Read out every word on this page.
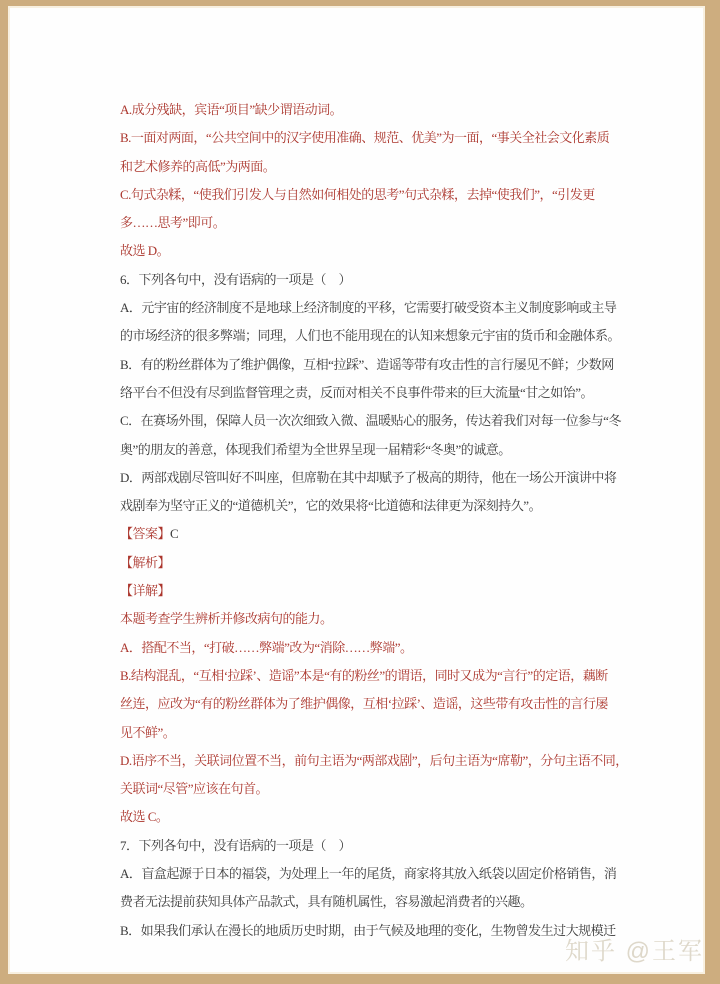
A.成分残缺，宾语“项目”缺少谓语动词。
B.一面对两面，“公共空间中的汉字使用准确、规范、优美”为一面，“事关全社会文化素质
和艺术修养的高低”为两面。
C.句式杂糅，“使我们引发人与自然如何相处的思考”句式杂糅，去掉“使我们”，“引发更
多……思考”即可。
故选 D。
6．下列各句中，没有语病的一项是（　）
A．元宇宙的经济制度不是地球上经济制度的平移，它需要打破受资本主义制度影响或主导
的市场经济的很多弊端；同理，人们也不能用现在的认知来想象元宇宙的货币和金融体系。
B．有的粉丝群体为了维护偶像，互相“拉踩”、造谣等带有攻击性的言行屡见不鲜；少数网
络平台不但没有尽到监督管理之责，反而对相关不良事件带来的巨大流量“甘之如饴”。
C．在赛场外围，保障人员一次次细致入微、温暖贴心的服务，传达着我们对每一位参与“冬
奥”的朋友的善意，体现我们希望为全世界呈现一届精彩“冬奥”的诚意。
D．两部戏剧尽管叫好不叫座，但席勒在其中却赋予了极高的期待，他在一场公开演讲中将
戏剧奉为坚守正义的“道德机关”，它的效果将“比道德和法律更为深刻持久”。
【答案】C
【解析】
【详解】
本题考查学生辨析并修改病句的能力。
A．搭配不当，“打破……弊端”改为“消除……弊端”。
B.结构混乱，“互相‘拉踩’、造谣”本是“有的粉丝”的谓语，同时又成为“言行”的定语，藕断
丝连，应改为“有的粉丝群体为了维护偶像，互相‘拉踩’、造谣，这些带有攻击性的言行屡
见不鲜”。
D.语序不当，关联词位置不当，前句主语为“两部戏剧”，后句主语为“席勒”，分句主语不同，
关联词“尽管”应该在句首。
故选 C。
7．下列各句中，没有语病的一项是（　）
A．盲盒起源于日本的福袋，为处理上一年的尾货，商家将其放入纸袋以固定价格销售，消
费者无法提前获知具体产品款式，具有随机属性，容易激起消费者的兴趣。
B．如果我们承认在漫长的地质历史时期，由于气候及地理的变化，生物曾发生过大规模迁
知乎 @王军
